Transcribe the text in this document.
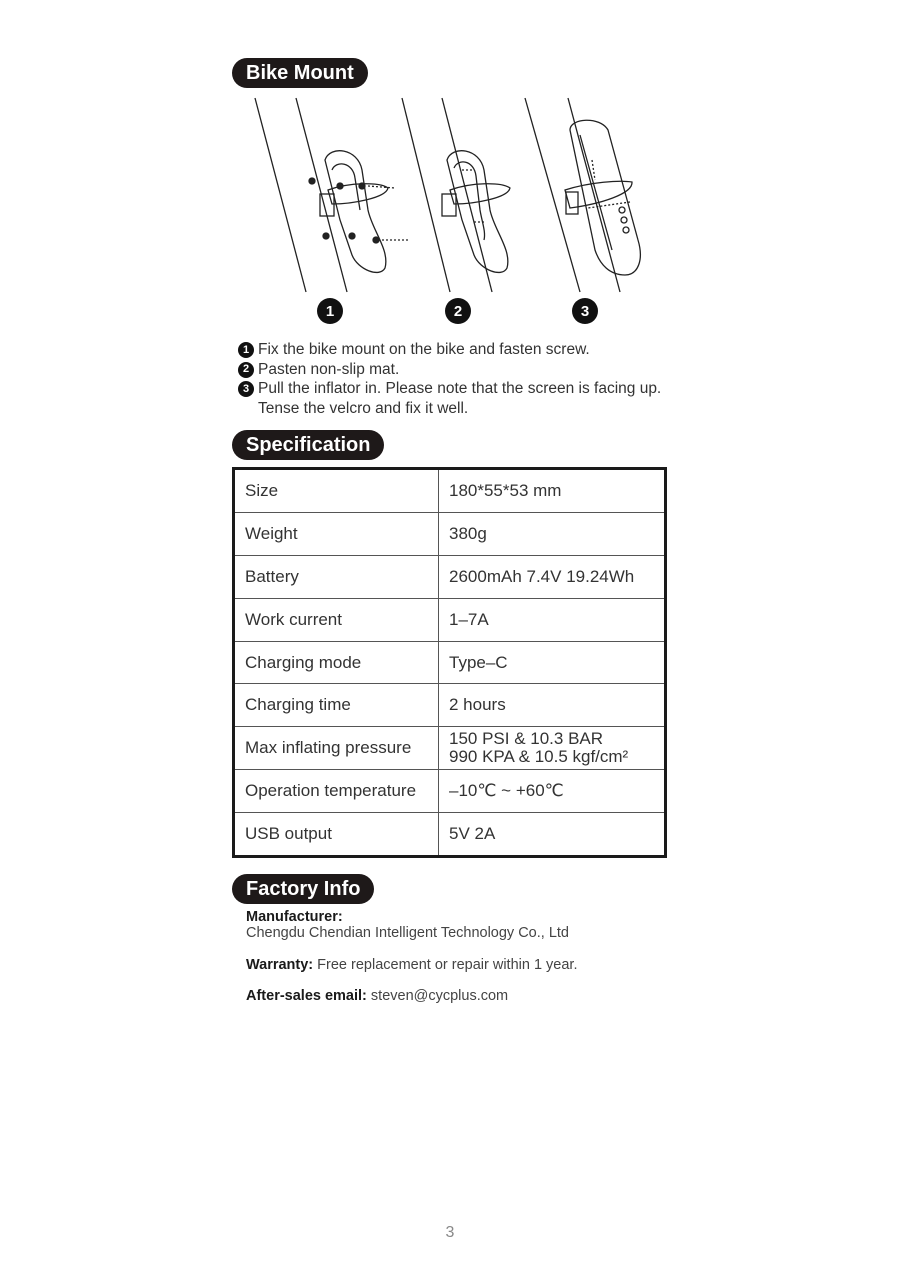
Bike Mount
1	2	3
1 Fix the bike mount on the bike and fasten screw.
2 Pasten non-slip mat.
3 Pull the inflator in. Please note that the screen is facing up. Tense the velcro and fix it well.
Specification
Size	180*55*53 mm
Weight	380g
Battery	2600mAh 7.4V 19.24Wh
Work current	1–7A
Charging mode	Type–C
Charging time	2 hours
Max inflating pressure	150 PSI & 10.3 BAR
990 KPA & 10.5 kgf/cm²

Operation temperature	–10℃ ~ +60℃
USB output	5V 2A
Factory Info
Manufacturer:
Chengdu Chendian Intelligent Technology Co., Ltd
Warranty: Free replacement or repair within 1 year.
After-sales email: steven@cycplus.com
3
